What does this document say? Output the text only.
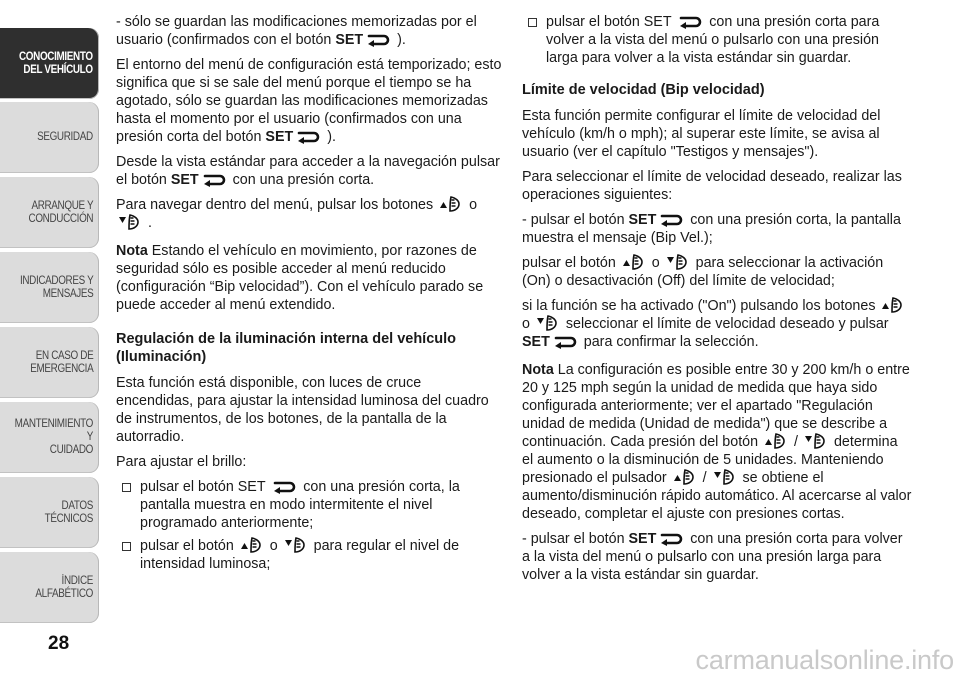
CONOCIMIENTO
DEL VEHÍCULO
SEGURIDAD
ARRANQUE Y
CONDUCCIÓN
INDICADORES Y
MENSAJES
EN CASO DE
EMERGENCIA
MANTENIMIENTO Y
CUIDADO
DATOS TÉCNICOS
ÍNDICE ALFABÉTICO
28

- sólo se guardan las modificaciones memorizadas por el usuario (confirmados con el botón SET
).

El entorno del menú de configuración está temporizado; esto significa que si se sale del menú porque el tiempo se ha agotado, sólo se guardan las modificaciones memorizadas hasta el momento por el usuario (confirmados con una presión corta del botón SET
).

Desde la vista estándar para acceder a la navegación pulsar el botón SET
con una presión corta.

Para navegar dentro del menú, pulsar los botones
o
.

Nota Estando el vehículo en movimiento, por razones de seguridad sólo es posible acceder al menú reducido (configuración “Bip velocidad”). Con el vehículo parado se puede acceder al menú extendido.

Regulación de la iluminación interna del vehículo (Iluminación)

Esta función está disponible, con luces de cruce encendidas, para ajustar la intensidad luminosa del cuadro de instrumentos, de los botones, de la pantalla de la autorradio.

Para ajustar el brillo:

pulsar el botón SET
con una presión corta, la pantalla muestra en modo intermitente el nivel programado anteriormente;
pulsar el botón
o
para regular el nivel de intensidad luminosa;
pulsar el botón SET
con una presión corta para volver a la vista del menú o pulsarlo con una presión larga para volver a la vista estándar sin guardar.
Límite de velocidad (Bip velocidad)

Esta función permite configurar el límite de velocidad del vehículo (km/h o mph); al superar este límite, se avisa al usuario (ver el capítulo "Testigos y mensajes").

Para seleccionar el límite de velocidad deseado, realizar las operaciones siguientes:

- pulsar el botón SET
con una presión corta, la pantalla muestra el mensaje (Bip Vel.);

pulsar el botón
o
para seleccionar la activación (On) o desactivación (Off) del límite de velocidad;

si la función se ha activado ("On") pulsando los botones
o
seleccionar el límite de velocidad deseado y pulsar SET
para confirmar la selección.

Nota La configuración es posible entre 30 y 200 km/h o entre 20 y 125 mph según la unidad de medida que haya sido configurada anteriormente; ver el apartado "Regulación unidad de medida (Unidad de medida") que se describe a continuación. Cada presión del botón
/
determina el aumento o la disminución de 5 unidades. Manteniendo presionado el pulsador
/
se obtiene el aumento/disminución rápido automático. Al acercarse al valor deseado, completar el ajuste con presiones cortas.

- pulsar el botón SET
con una presión corta para volver a la vista del menú o pulsarlo con una presión larga para volver a la vista estándar sin guardar.

carmanualsonline.info
